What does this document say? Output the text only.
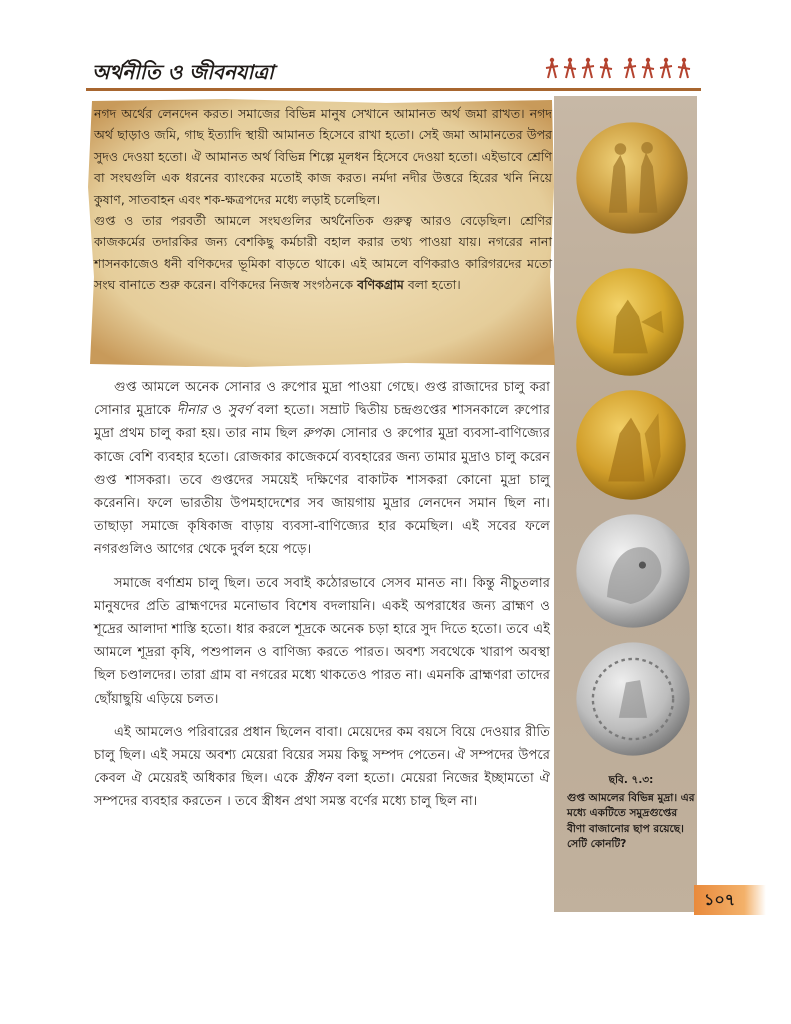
অর্থনীতি ও জীবনযাত্রা
ছবি. ৭.৩:
গুপ্ত আমলের বিভিন্ন মুদ্রা। এর মধ্যে একটিতে সমুদ্রগুপ্তের বীণা বাজানোর ছাপ রয়েছে। সেটি কোনটি?

নগদ অর্থের লেনদেন করত। সমাজের বিভিন্ন মানুষ সেখানে আমানত অর্থ জমা রাখত। নগদ অর্থ ছাড়াও জমি, গাছ ইত্যাদি স্থায়ী আমানত হিসেবে রাখা হতো। সেই জমা আমানতের উপর সুদও দেওয়া হতো। ঐ আমানত অর্থ বিভিন্ন শিল্পে মূলধন হিসেবে দেওয়া হতো। এইভাবে শ্রেণি বা সংঘগুলি এক ধরনের ব্যাংকের মতোই কাজ করত। নর্মদা নদীর উত্তরে হিরের খনি নিয়ে কুষাণ, সাতবাহন এবং শক-ক্ষত্রপদের মধ্যে লড়াই চলেছিল।

গুপ্ত ও তার পরবর্তী আমলে সংঘগুলির অর্থনৈতিক গুরুত্ব আরও বেড়েছিল। শ্রেণির কাজকর্মের তদারকির জন্য বেশকিছু কর্মচারী বহাল করার তথ্য পাওয়া যায়। নগরের নানা শাসনকাজেও ধনী বণিকদের ভূমিকা বাড়তে থাকে। এই আমলে বণিকরাও কারিগরদের মতো সংঘ বানাতে শুরু করেন। বণিকদের নিজস্ব সংগঠনকে বণিকগ্রাম বলা হতো।

গুপ্ত আমলে অনেক সোনার ও রুপোর মুদ্রা পাওয়া গেছে। গুপ্ত রাজাদের চালু করা সোনার মুদ্রাকে দীনার ও সুবর্ণ বলা হতো। সম্রাট দ্বিতীয় চন্দ্রগুপ্তের শাসনকালে রুপোর মুদ্রা প্রথম চালু করা হয়। তার নাম ছিল রুপক। সোনার ও রুপোর মুদ্রা ব্যবসা-বাণিজ্যের কাজে বেশি ব্যবহার হতো। রোজকার কাজেকর্মে ব্যবহারের জন্য তামার মুদ্রাও চালু করেন গুপ্ত শাসকরা। তবে গুপ্তদের সময়েই দক্ষিণের বাকাটক শাসকরা কোনো মুদ্রা চালু করেননি। ফলে ভারতীয় উপমহাদেশের সব জায়গায় মুদ্রার লেনদেন সমান ছিল না। তাছাড়া সমাজে কৃষিকাজ বাড়ায় ব্যবসা-বাণিজ্যের হার কমেছিল। এই সবের ফলে নগরগুলিও আগের থেকে দুর্বল হয়ে পড়ে।

সমাজে বর্ণাশ্রম চালু ছিল। তবে সবাই কঠোরভাবে সেসব মানত না। কিন্তু নীচুতলার মানুষদের প্রতি ব্রাহ্মণদের মনোভাব বিশেষ বদলায়নি। একই অপরাধের জন্য ব্রাহ্মণ ও শূদ্রের আলাদা শাস্তি হতো। ধার করলে শূদ্রকে অনেক চড়া হারে সুদ দিতে হতো। তবে এই আমলে শূদ্ররা কৃষি, পশুপালন ও বাণিজ্য করতে পারত। অবশ্য সবথেকে খারাপ অবস্থা ছিল চণ্ডালদের। তারা গ্রাম বা নগরের মধ্যে থাকতেও পারত না। এমনকি ব্রাহ্মণরা তাদের ছোঁয়াছুয়ি এড়িয়ে চলত।

এই আমলেও পরিবারের প্রধান ছিলেন বাবা। মেয়েদের কম বয়সে বিয়ে দেওয়ার রীতি চালু ছিল। এই সময়ে অবশ্য মেয়েরা বিয়ের সময় কিছু সম্পদ পেতেন। ঐ সম্পদের উপরে কেবল ঐ মেয়েরই অধিকার ছিল। একে স্ত্রীধন বলা হতো। মেয়েরা নিজের ইচ্ছামতো ঐ সম্পদের ব্যবহার করতেন । তবে স্ত্রীধন প্রথা সমস্ত বর্ণের মধ্যে চালু ছিল না।

১০৭
